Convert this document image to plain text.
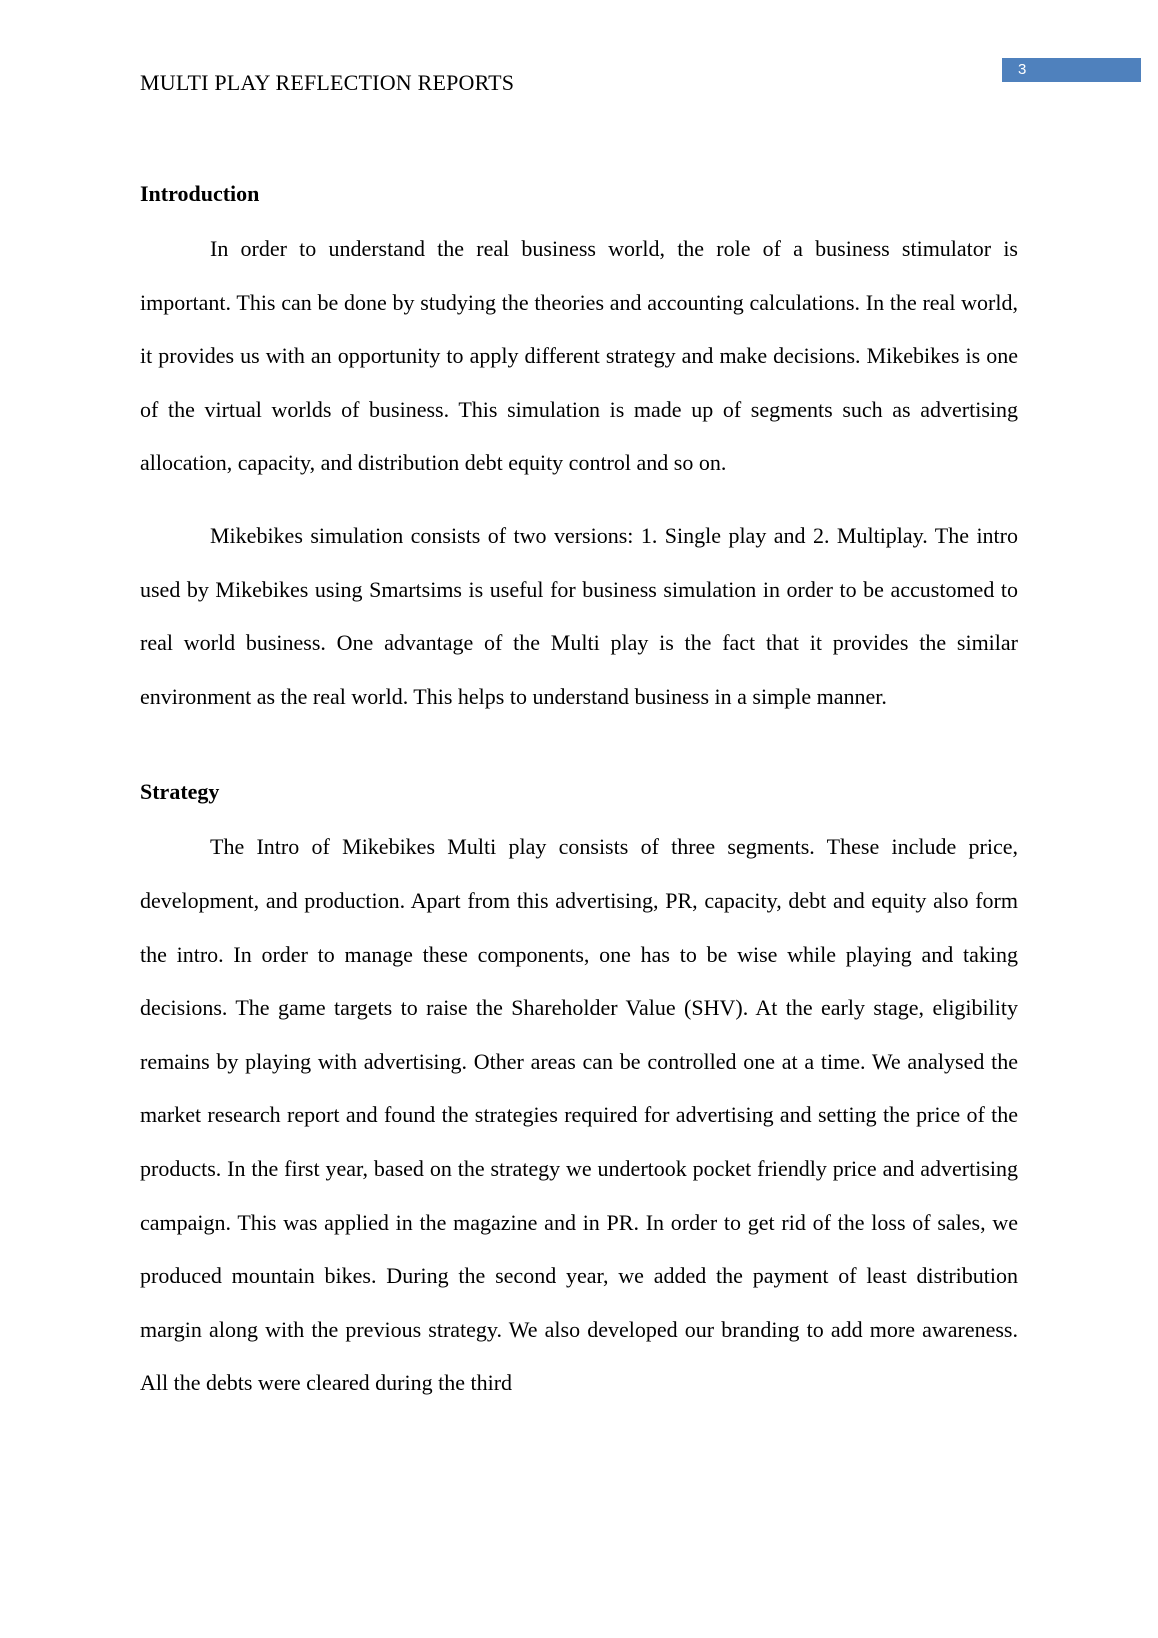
MULTI PLAY REFLECTION REPORTS
3
Introduction

In order to understand the real business world, the role of a business stimulator is important. This can be done by studying the theories and accounting calculations. In the real world, it provides us with an opportunity to apply different strategy and make decisions. Mikebikes is one of the virtual worlds of business. This simulation is made up of segments such as advertising allocation, capacity, and distribution debt equity control and so on.

Mikebikes simulation consists of two versions: 1. Single play and 2. Multiplay. The intro used by Mikebikes using Smartsims is useful for business simulation in order to be accustomed to real world business. One advantage of the Multi play is the fact that it provides the similar environment as the real world. This helps to understand business in a simple manner.

Strategy

The Intro of Mikebikes Multi play consists of three segments. These include price, development, and production. Apart from this advertising, PR, capacity, debt and equity also form the intro. In order to manage these components, one has to be wise while playing and taking decisions. The game targets to raise the Shareholder Value (SHV). At the early stage, eligibility remains by playing with advertising. Other areas can be controlled one at a time. We analysed the market research report and found the strategies required for advertising and setting the price of the products. In the first year, based on the strategy we undertook pocket friendly price and advertising campaign. This was applied in the magazine and in PR. In order to get rid of the loss of sales, we produced mountain bikes. During the second year, we added the payment of least distribution margin along with the previous strategy. We also developed our branding to add more awareness. All the debts were cleared during the third
